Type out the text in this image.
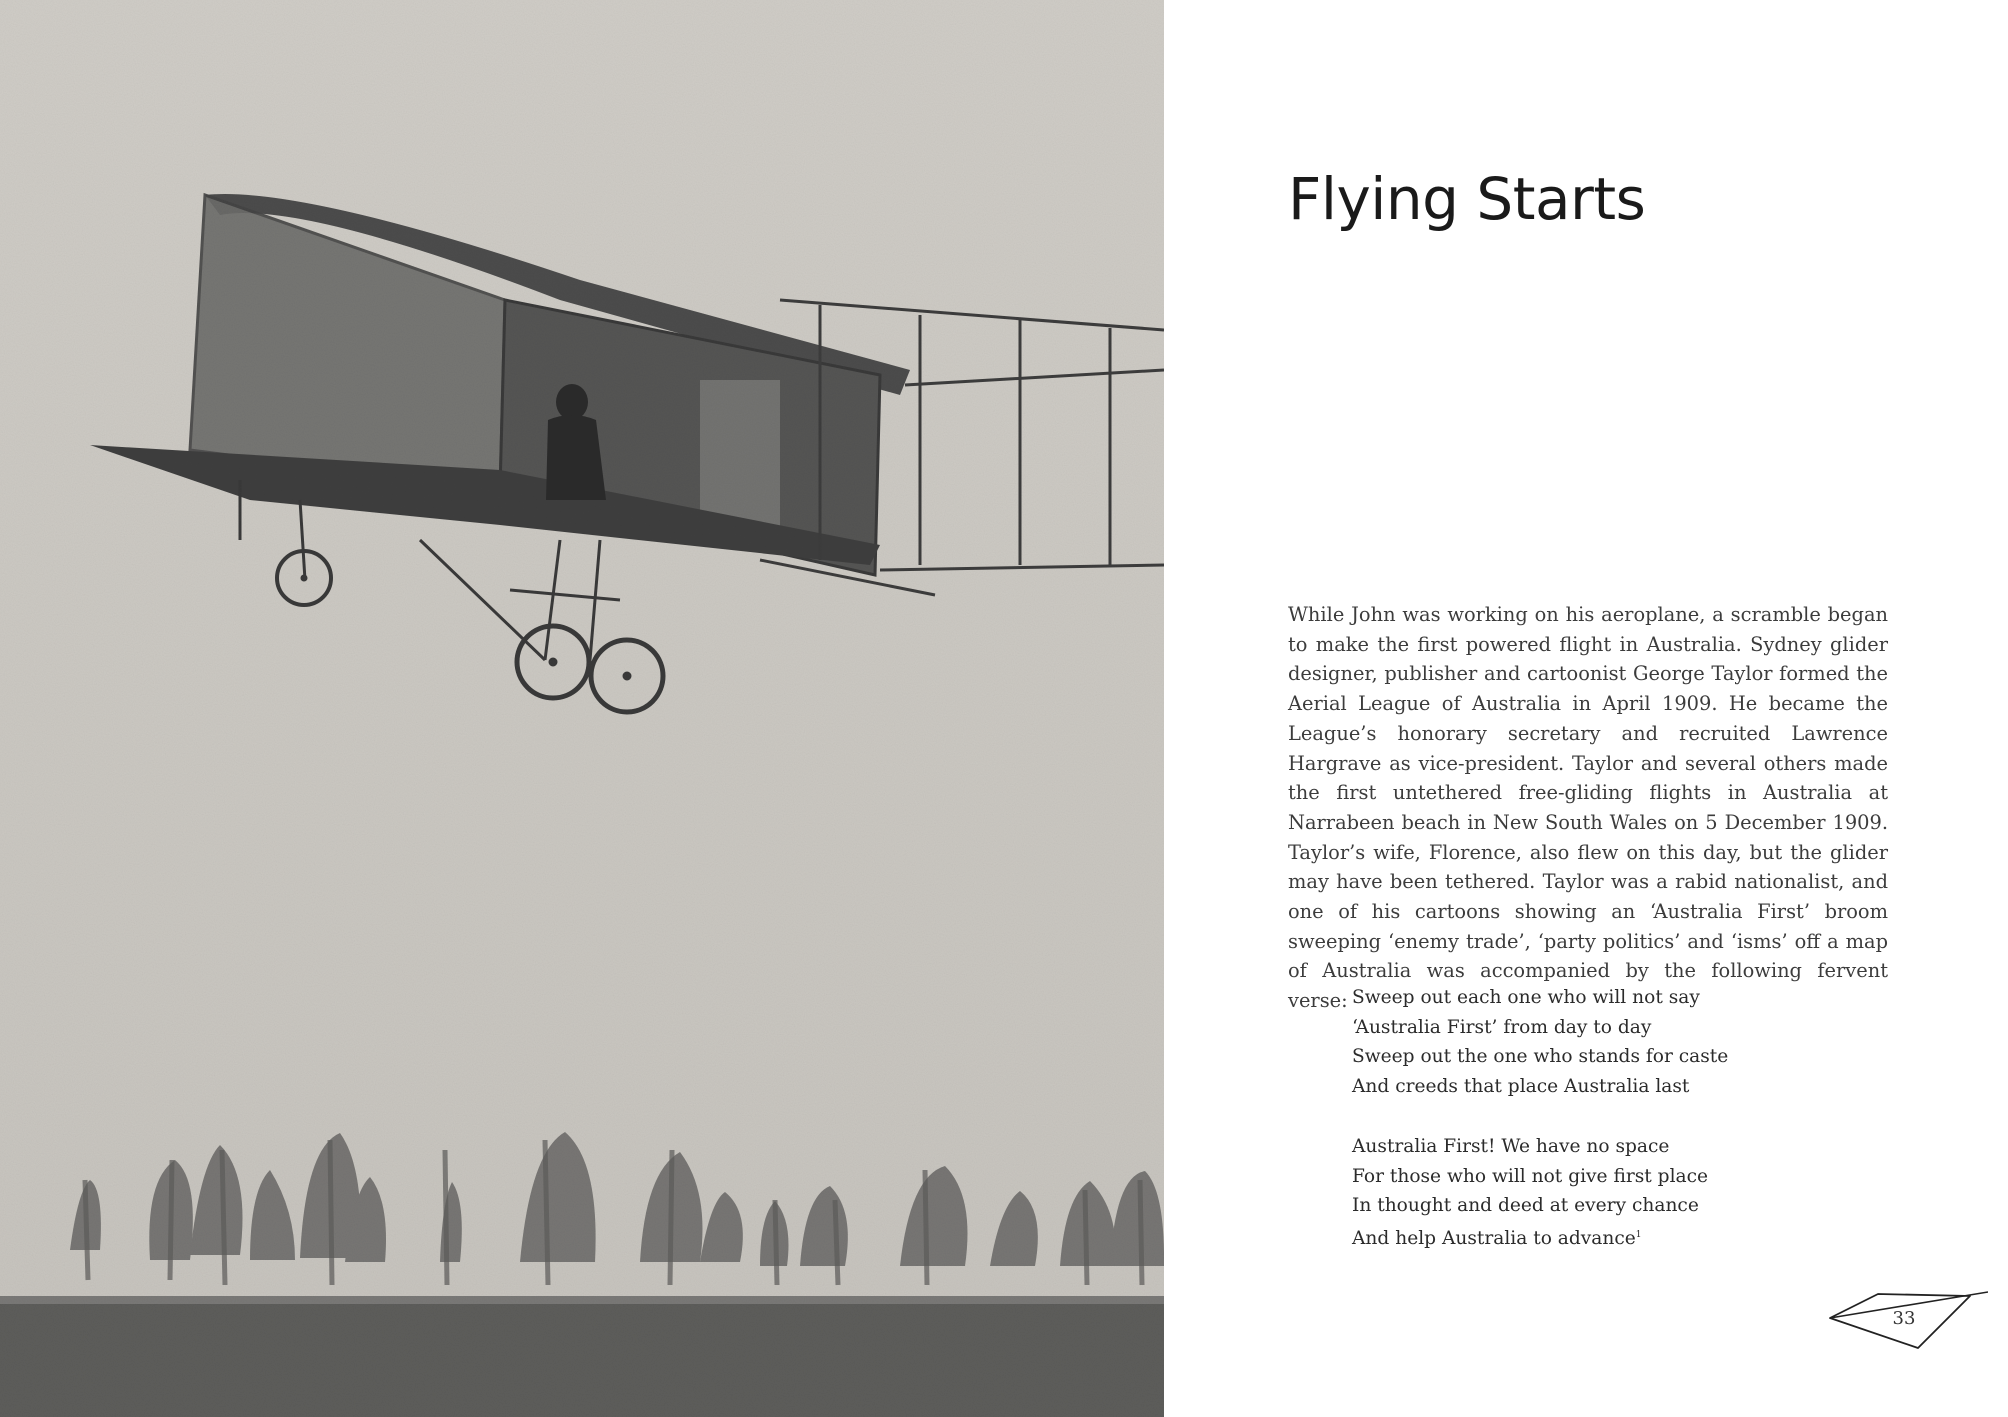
Flying Starts

While John was working on his aeroplane, a scramble began to make the first powered flight in Australia. Sydney glider designer, publisher and cartoonist George Taylor formed the Aerial League of Australia in April 1909. He became the League’s honorary secretary and recruited Lawrence Hargrave as vice-president. Taylor and several others made the first untethered free-gliding flights in Australia at Narrabeen beach in New South Wales on 5 December 1909. Taylor’s wife, Florence, also flew on this day, but the glider may have been tethered. Taylor was a rabid nationalist, and one of his cartoons showing an ‘Australia First’ broom sweeping ‘enemy trade’, ‘party politics’ and ‘isms’ off a map of Australia was accompanied by the following fervent verse: Sweep out each one who will not say
‘Australia First’ from day to day
Sweep out the one who stands for caste
And creeds that place Australia last
Australia First! We have no space
For those who will not give first place
In thought and deed at every chance
And help Australia to advance$^1$
33
